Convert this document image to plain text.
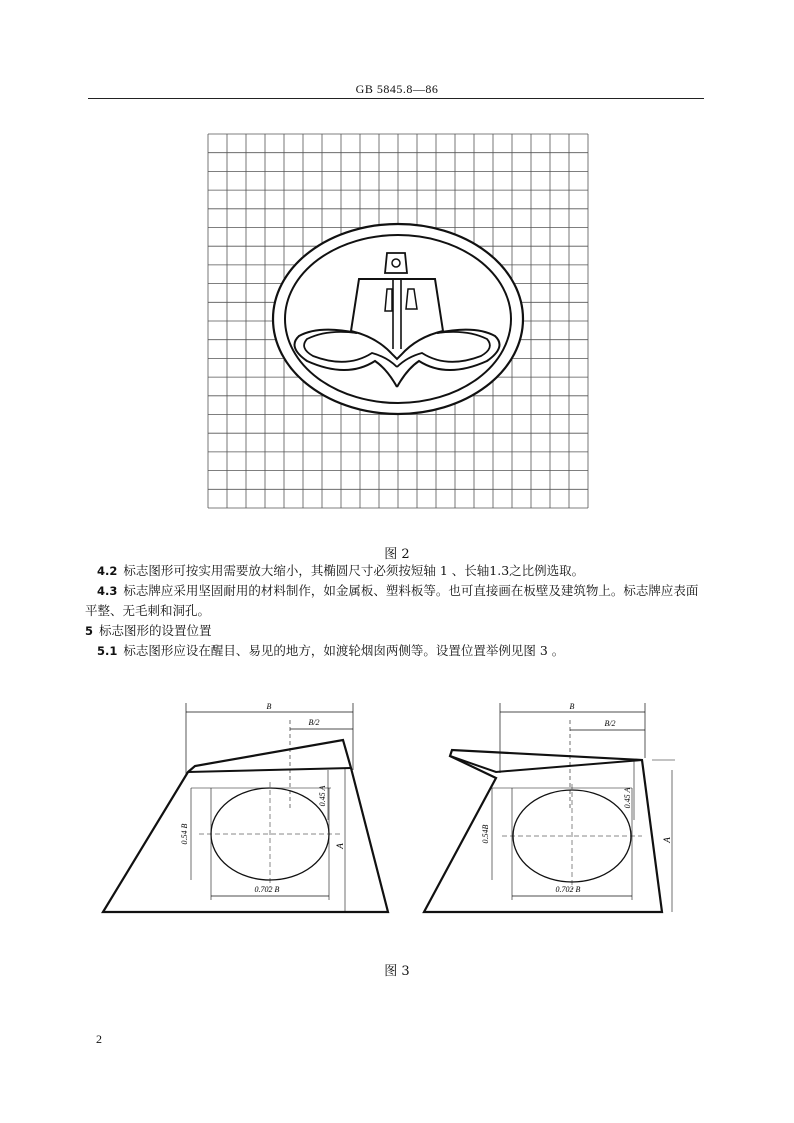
GB 5845.8—86
图 2
4.2 标志图形可按实用需要放大缩小，其椭圆尺寸必须按短轴 1 、长轴1.3之比例选取。
4.3 标志牌应采用坚固耐用的材料制作，如金属板、塑料板等。也可直接画在板壁及建筑物上。标志牌应表面平整、无毛刺和洞孔。
5 标志图形的设置位置
5.1 标志图形应设在醒目、易见的地方，如渡轮烟囱两侧等。设置位置举例见图 3 。
B
B/2
0.45 A
0.54 B
0.702 B
A
B
B/2
0.45 A
0.54B
0.702 B
A
图 3
2
